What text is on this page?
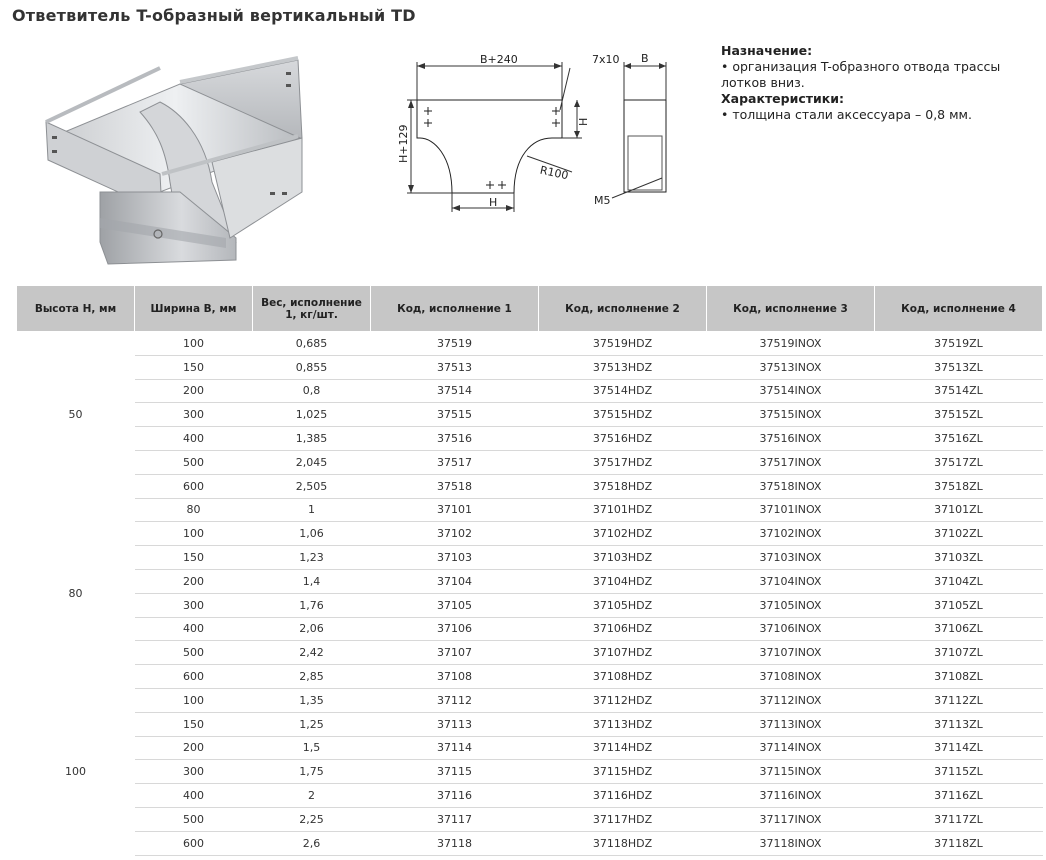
Ответвитель T-образный вертикальный TD
B+240
H+129
H
H
R100
7x10 B
M5

Назначение:

• организация T-образного отвода трассы лотков вниз.

Характеристики:

• толщина стали аксессуара – 0,8 мм.

Высота H, мм	Ширина B, мм	Вес, исполнение 1, кг/шт.	Код, исполнение 1	Код, исполнение 2	Код, исполнение 3	Код, исполнение 4
50	100	0,685	37519	37519HDZ	37519INOX	37519ZL
	150	0,855	37513	37513HDZ	37513INOX	37513ZL
	200	0,8	37514	37514HDZ	37514INOX	37514ZL
	300	1,025	37515	37515HDZ	37515INOX	37515ZL
	400	1,385	37516	37516HDZ	37516INOX	37516ZL
	500	2,045	37517	37517HDZ	37517INOX	37517ZL
	600	2,505	37518	37518HDZ	37518INOX	37518ZL
80	80	1	37101	37101HDZ	37101INOX	37101ZL
	100	1,06	37102	37102HDZ	37102INOX	37102ZL
	150	1,23	37103	37103HDZ	37103INOX	37103ZL
	200	1,4	37104	37104HDZ	37104INOX	37104ZL
	300	1,76	37105	37105HDZ	37105INOX	37105ZL
	400	2,06	37106	37106HDZ	37106INOX	37106ZL
	500	2,42	37107	37107HDZ	37107INOX	37107ZL
	600	2,85	37108	37108HDZ	37108INOX	37108ZL
100	100	1,35	37112	37112HDZ	37112INOX	37112ZL
	150	1,25	37113	37113HDZ	37113INOX	37113ZL
	200	1,5	37114	37114HDZ	37114INOX	37114ZL
	300	1,75	37115	37115HDZ	37115INOX	37115ZL
	400	2	37116	37116HDZ	37116INOX	37116ZL
	500	2,25	37117	37117HDZ	37117INOX	37117ZL
	600	2,6	37118	37118HDZ	37118INOX	37118ZL
